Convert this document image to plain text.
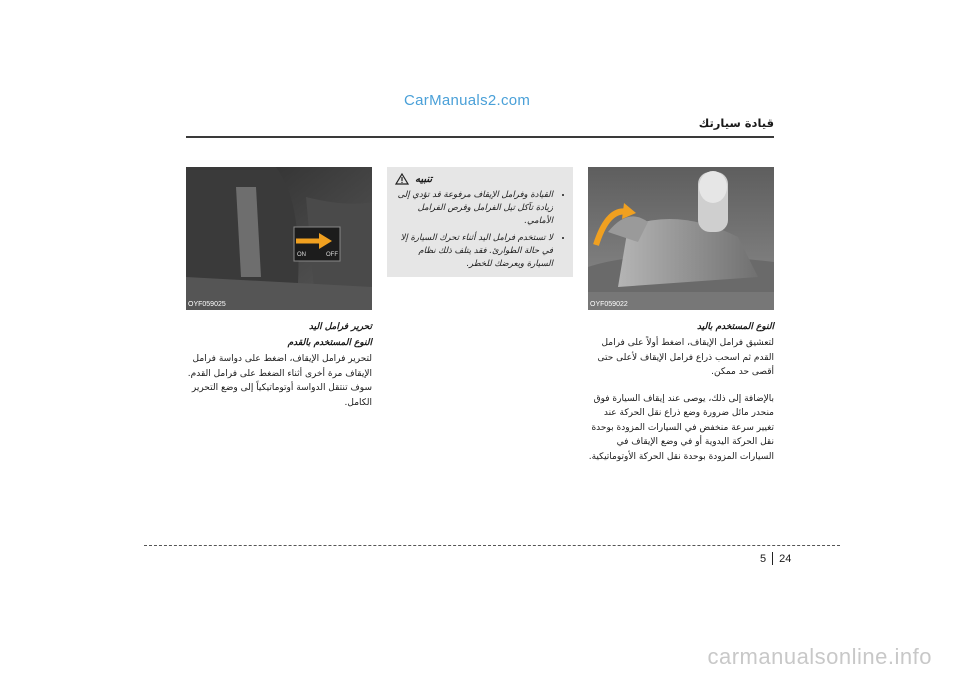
CarManuals2.com
قيادة سيارتك
OYF059022
النوع المستخدم باليد
لتعشيق فرامل الإيقاف، اضغط أولاً على فرامل القدم ثم اسحب ذراع فرامل الإيقاف لأعلى حتى أقصى حد ممكن.
بالإضافة إلى ذلك، يوصى عند إيقاف السيارة فوق منحدر مائل ضرورة وضع ذراع نقل الحركة عند تغيير سرعة منخفض في السيارات المزودة بوحدة نقل الحركة اليدوية أو في وضع الإيقاف في السيارات المزودة بوحدة نقل الحركة الأوتوماتيكية.
تنبيه
• القيادة وفرامل الإيقاف مرفوعة قد تؤدي إلى زيادة تآكل تيل الفرامل وقرص الفرامل الأمامي.
• لا تستخدم فرامل اليد أثناء تحرك السيارة إلا في حالة الطوارئ. فقد يتلف ذلك نظام السيارة ويعرضك للخطر.
ON	OFF
OYF059025
تحرير فرامل اليد
النوع المستخدم بالقدم
لتحرير فرامل الإيقاف، اضغط على دواسة فرامل الإيقاف مرة أخرى أثناء الضغط على فرامل القدم. سوف تنتقل الدواسة أوتوماتيكياً إلى وضع التحرير الكامل.
5 24
carmanualsonline.info
